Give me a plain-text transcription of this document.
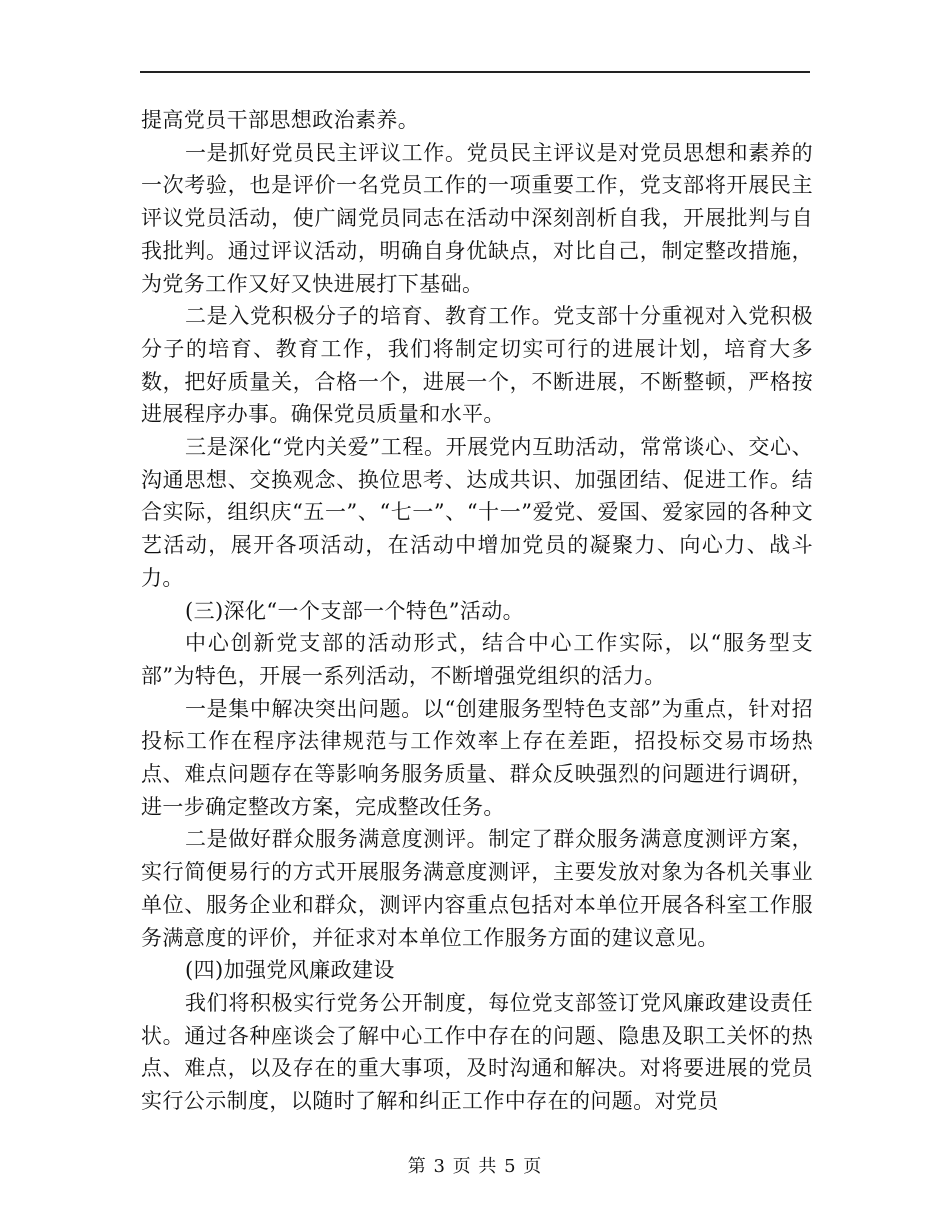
提高党员干部思想政治素养。

一是抓好党员民主评议工作。党员民主评议是对党员思想和素养的一次考验，也是评价一名党员工作的一项重要工作，党支部将开展民主评议党员活动，使广阔党员同志在活动中深刻剖析自我，开展批判与自我批判。通过评议活动，明确自身优缺点，对比自己，制定整改措施，为党务工作又好又快进展打下基础。

二是入党积极分子的培育、教育工作。党支部十分重视对入党积极分子的培育、教育工作，我们将制定切实可行的进展计划，培育大多数，把好质量关，合格一个，进展一个，不断进展，不断整顿，严格按进展程序办事。确保党员质量和水平。

三是深化“党内关爱”工程。开展党内互助活动，常常谈心、交心、沟通思想、交换观念、换位思考、达成共识、加强团结、促进工作。结合实际，组织庆“五一”、“七一”、“十一”爱党、爱国、爱家园的各种文艺活动，展开各项活动，在活动中增加党员的凝聚力、向心力、战斗力。

(三)深化“一个支部一个特色”活动。

中心创新党支部的活动形式，结合中心工作实际，以“服务型支部”为特色，开展一系列活动，不断增强党组织的活力。

一是集中解决突出问题。以“创建服务型特色支部”为重点，针对招投标工作在程序法律规范与工作效率上存在差距，招投标交易市场热点、难点问题存在等影响务服务质量、群众反映强烈的问题进行调研，进一步确定整改方案，完成整改任务。

二是做好群众服务满意度测评。制定了群众服务满意度测评方案，实行简便易行的方式开展服务满意度测评，主要发放对象为各机关事业单位、服务企业和群众，测评内容重点包括对本单位开展各科室工作服务满意度的评价，并征求对本单位工作服务方面的建议意见。

(四)加强党风廉政建设

我们将积极实行党务公开制度，每位党支部签订党风廉政建设责任状。通过各种座谈会了解中心工作中存在的问题、隐患及职工关怀的热点、难点，以及存在的重大事项，及时沟通和解决。对将要进展的党员实行公示制度，以随时了解和纠正工作中存在的问题。对党员

第 3 页 共 5 页
